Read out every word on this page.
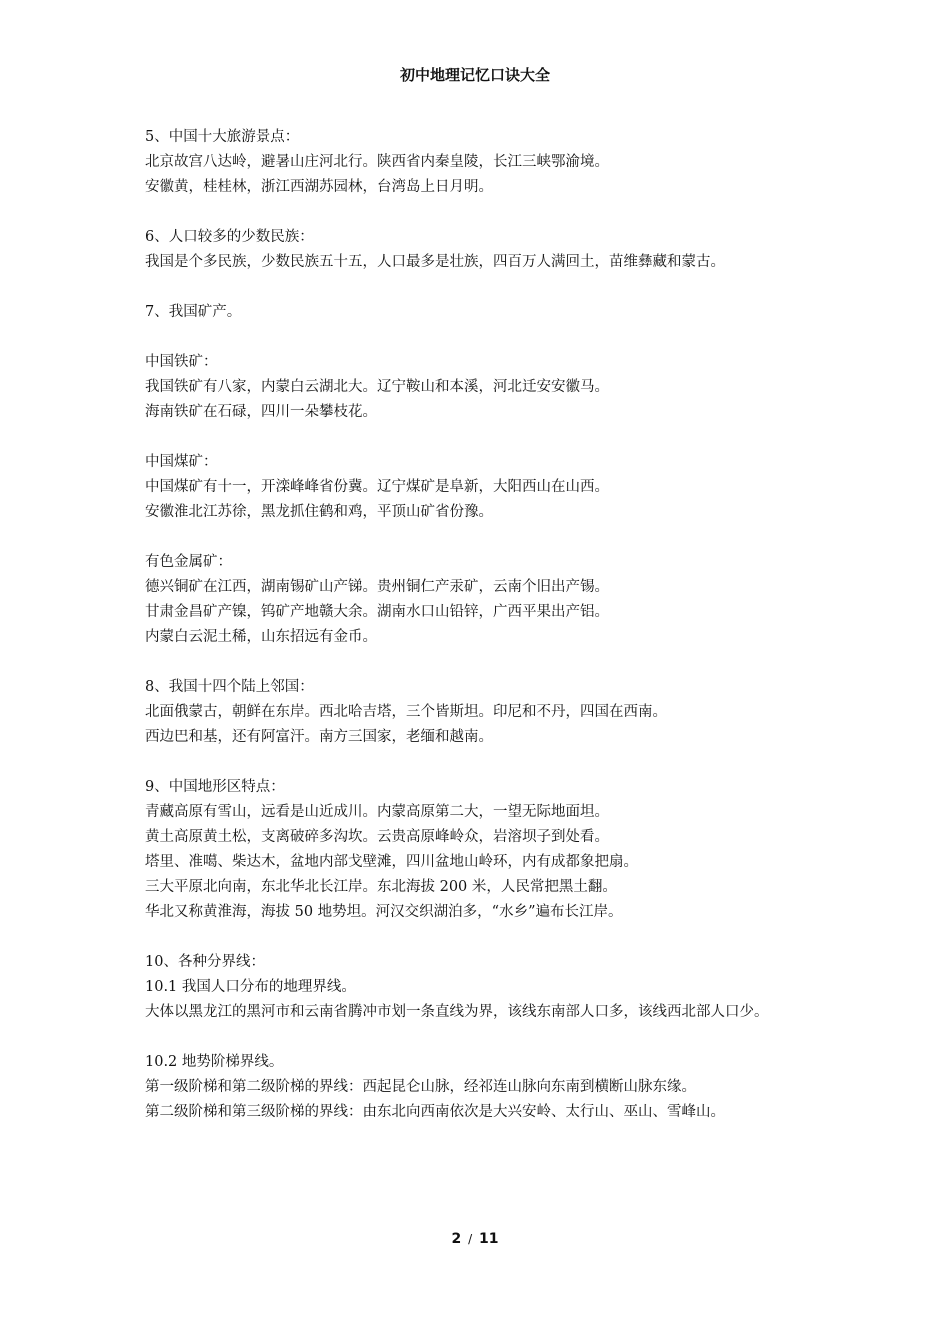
初中地理记忆口诀大全

5、中国十大旅游景点：

北京故宫八达岭，避暑山庄河北行。陕西省内秦皇陵，长江三峡鄂渝境。

安徽黄，桂桂林，浙江西湖苏园林，台湾岛上日月明。

6、人口较多的少数民族：

我国是个多民族，少数民族五十五，人口最多是壮族，四百万人满回土，苗维彝藏和蒙古。

7、我国矿产。

中国铁矿：

我国铁矿有八家，内蒙白云湖北大。辽宁鞍山和本溪，河北迁安安徽马。

海南铁矿在石碌，四川一朵攀枝花。

中国煤矿：

中国煤矿有十一，开滦峰峰省份冀。辽宁煤矿是阜新，大阳西山在山西。

安徽淮北江苏徐，黑龙抓住鹤和鸡，平顶山矿省份豫。

有色金属矿：

德兴铜矿在江西，湖南锡矿山产锑。贵州铜仁产汞矿，云南个旧出产锡。

甘肃金昌矿产镍，钨矿产地赣大余。湖南水口山铅锌，广西平果出产铝。

内蒙白云泥土稀，山东招远有金币。

8、我国十四个陆上邻国：

北面俄蒙古，朝鲜在东岸。西北哈吉塔，三个皆斯坦。印尼和不丹，四国在西南。

西边巴和基，还有阿富汗。南方三国家，老缅和越南。

9、中国地形区特点：

青藏高原有雪山，远看是山近成川。内蒙高原第二大，一望无际地面坦。

黄土高原黄土松，支离破碎多沟坎。云贵高原峰岭众，岩溶坝子到处看。

塔里、准噶、柴达木，盆地内部戈壁滩，四川盆地山岭环，内有成都象把扇。

三大平原北向南，东北华北长江岸。东北海拔 200 米，人民常把黑土翻。

华北又称黄淮海，海拔 50 地势坦。河汉交织湖泊多，“水乡”遍布长江岸。

10、各种分界线：

10.1 我国人口分布的地理界线。

大体以黑龙江的黑河市和云南省腾冲市划一条直线为界，该线东南部人口多，该线西北部人口少。

10.2 地势阶梯界线。

第一级阶梯和第二级阶梯的界线：西起昆仑山脉，经祁连山脉向东南到横断山脉东缘。

第二级阶梯和第三级阶梯的界线：由东北向西南依次是大兴安岭、太行山、巫山、雪峰山。

2 / 11
